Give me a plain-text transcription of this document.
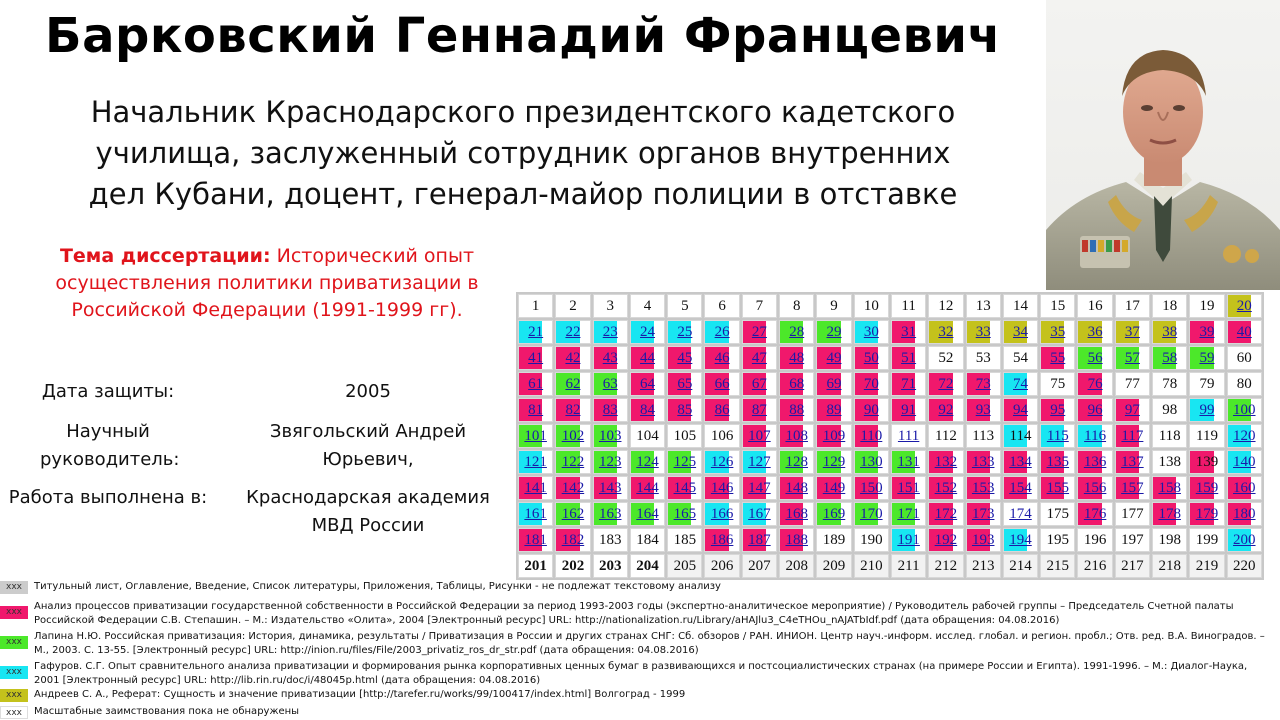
Барковский Геннадий Францевич
Начальник Краснодарского президентского кадетского
училища, заслуженный сотрудник органов внутренних
дел Кубани, доцент, генерал-майор полиции в отставке
Тема диссертации: Исторический опыт осуществления политики приватизации в Российской Федерации (1991-1999 гг).
Дата защиты:	2005
Научный руководитель:
Звягольский Андрей Юрьевич,
Работа выполнена в:	Краснодарская академия МВД России
1	2	3	4	5	6	7	8	9	10	11	12	13	14	15	16	17	18	19	20
21	22	23	24	25	26	27	28	29	30	31	32	33	34	35	36	37	38	39	40
41	42	43	44	45	46	47	48	49	50	51	52	53	54	55	56	57	58	59	60
61	62	63	64	65	66	67	68	69	70	71	72	73	74	75	76	77	78	79	80
81	82	83	84	85	86	87	88	89	90	91	92	93	94	95	96	97	98	99	100
101	102	103	104	105	106	107	108	109	110	111	112	113	114	115	116	117	118	119	120
121	122	123	124	125	126	127	128	129	130	131	132	133	134	135	136	137	138	139	140
141	142	143	144	145	146	147	148	149	150	151	152	153	154	155	156	157	158	159	160
161	162	163	164	165	166	167	168	169	170	171	172	173	174	175	176	177	178	179	180
181	182	183	184	185	186	187	188	189	190	191	192	193	194	195	196	197	198	199	200
201	202	203	204	205	206	207	208	209	210	211	212	213	214	215	216	217	218	219	220
ххх	Титульный лист, Оглавление, Введение, Список литературы, Приложения, Таблицы, Рисунки - не подлежат текстовому анализу
ххх	Анализ процессов приватизации государственной собственности в Российской Федерации за период 1993-2003 годы (экспертно-аналитическое мероприятие) / Руководитель рабочей группы – Председатель Счетной палаты Российской Федерации С.В. Степашин. – М.: Издательство «Олита», 2004 [Электронный ресурс] URL: http://nationalization.ru/Library/aHAJlu3_C4eTHOu_nAJATbIdf.pdf (дата обращения: 04.08.2016)
ххх	Лапина Н.Ю. Российская приватизация: История, динамика, результаты / Приватизация в России и других странах СНГ: Сб. обзоров / РАН. ИНИОН. Центр науч.-информ. исслед. глобал. и регион. пробл.; Отв. ред. В.А. Виноградов. – М., 2003. С. 13-55. [Электронный ресурс] URL: http://inion.ru/files/File/2003_privatiz_ros_dr_str.pdf (дата обращения: 04.08.2016)
ххх	Гафуров. С.Г. Опыт сравнительного анализа приватизации и формирования рынка корпоративных ценных бумаг в развивающихся и постсоциалистических странах (на примере России и Египта). 1991-1996. – М.: Диалог-Наука, 2001 [Электронный ресурс] URL: http://lib.rin.ru/doc/i/48045p.html (дата обращения: 04.08.2016)
ххх	Андреев С. А., Реферат: Сущность и значение приватизации [http://tarefer.ru/works/99/100417/index.html] Волгоград - 1999
ххх	Масштабные заимствования пока не обнаружены
